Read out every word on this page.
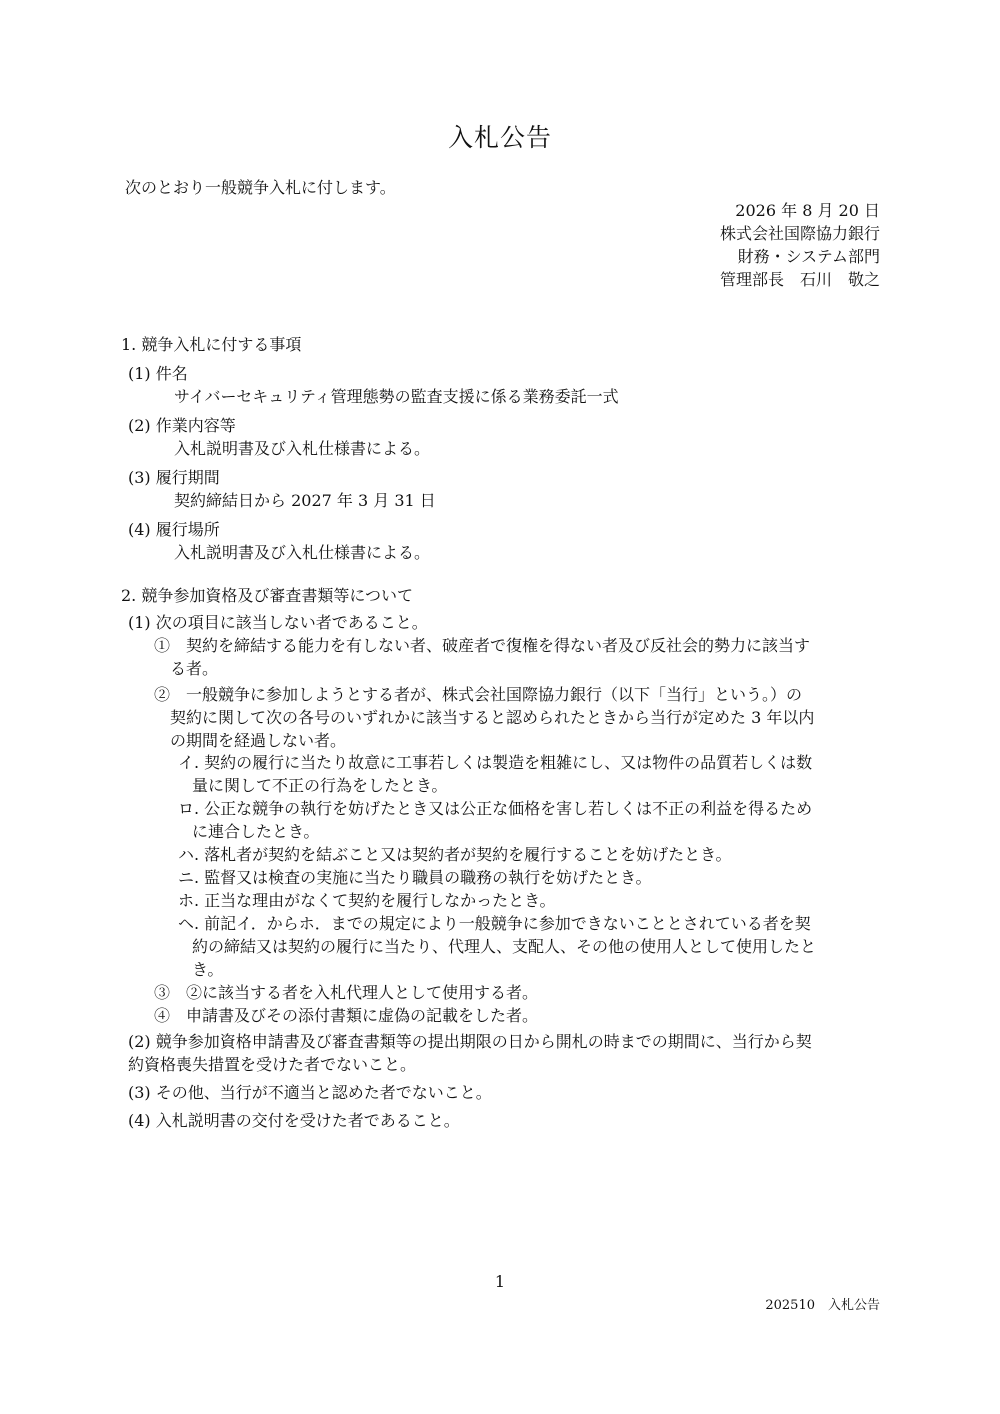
入札公告
次のとおり一般競争入札に付します。
2026 年 8 月 20 日
株式会社国際協力銀行
財務・システム部門
管理部長　石川　敬之
1. 競争入札に付する事項
(1) 件名
サイバーセキュリティ管理態勢の監査支援に係る業務委託一式
(2) 作業内容等
入札説明書及び入札仕様書による。
(3) 履行期間
契約締結日から 2027 年 3 月 31 日
(4) 履行場所
入札説明書及び入札仕様書による。
2. 競争参加資格及び審査書類等について
(1) 次の項目に該当しない者であること。
①　契約を締結する能力を有しない者、破産者で復権を得ない者及び反社会的勢力に該当す
る者。
②　一般競争に参加しようとする者が、株式会社国際協力銀行（以下「当行」という。）の
契約に関して次の各号のいずれかに該当すると認められたときから当行が定めた 3 年以内
の期間を経過しない者。
イ. 契約の履行に当たり故意に工事若しくは製造を粗雑にし、又は物件の品質若しくは数
量に関して不正の行為をしたとき。
ロ. 公正な競争の執行を妨げたとき又は公正な価格を害し若しくは不正の利益を得るため
に連合したとき。
ハ. 落札者が契約を結ぶこと又は契約者が契約を履行することを妨げたとき。
ニ. 監督又は検査の実施に当たり職員の職務の執行を妨げたとき。
ホ. 正当な理由がなくて契約を履行しなかったとき。
ヘ. 前記イ．からホ．までの規定により一般競争に参加できないこととされている者を契
約の締結又は契約の履行に当たり、代理人、支配人、その他の使用人として使用したと
き。
③　②に該当する者を入札代理人として使用する者。
④　申請書及びその添付書類に虚偽の記載をした者。
(2) 競争参加資格申請書及び審査書類等の提出期限の日から開札の時までの期間に、当行から契
約資格喪失措置を受けた者でないこと。
(3) その他、当行が不適当と認めた者でないこと。
(4) 入札説明書の交付を受けた者であること。
1
202510　入札公告
